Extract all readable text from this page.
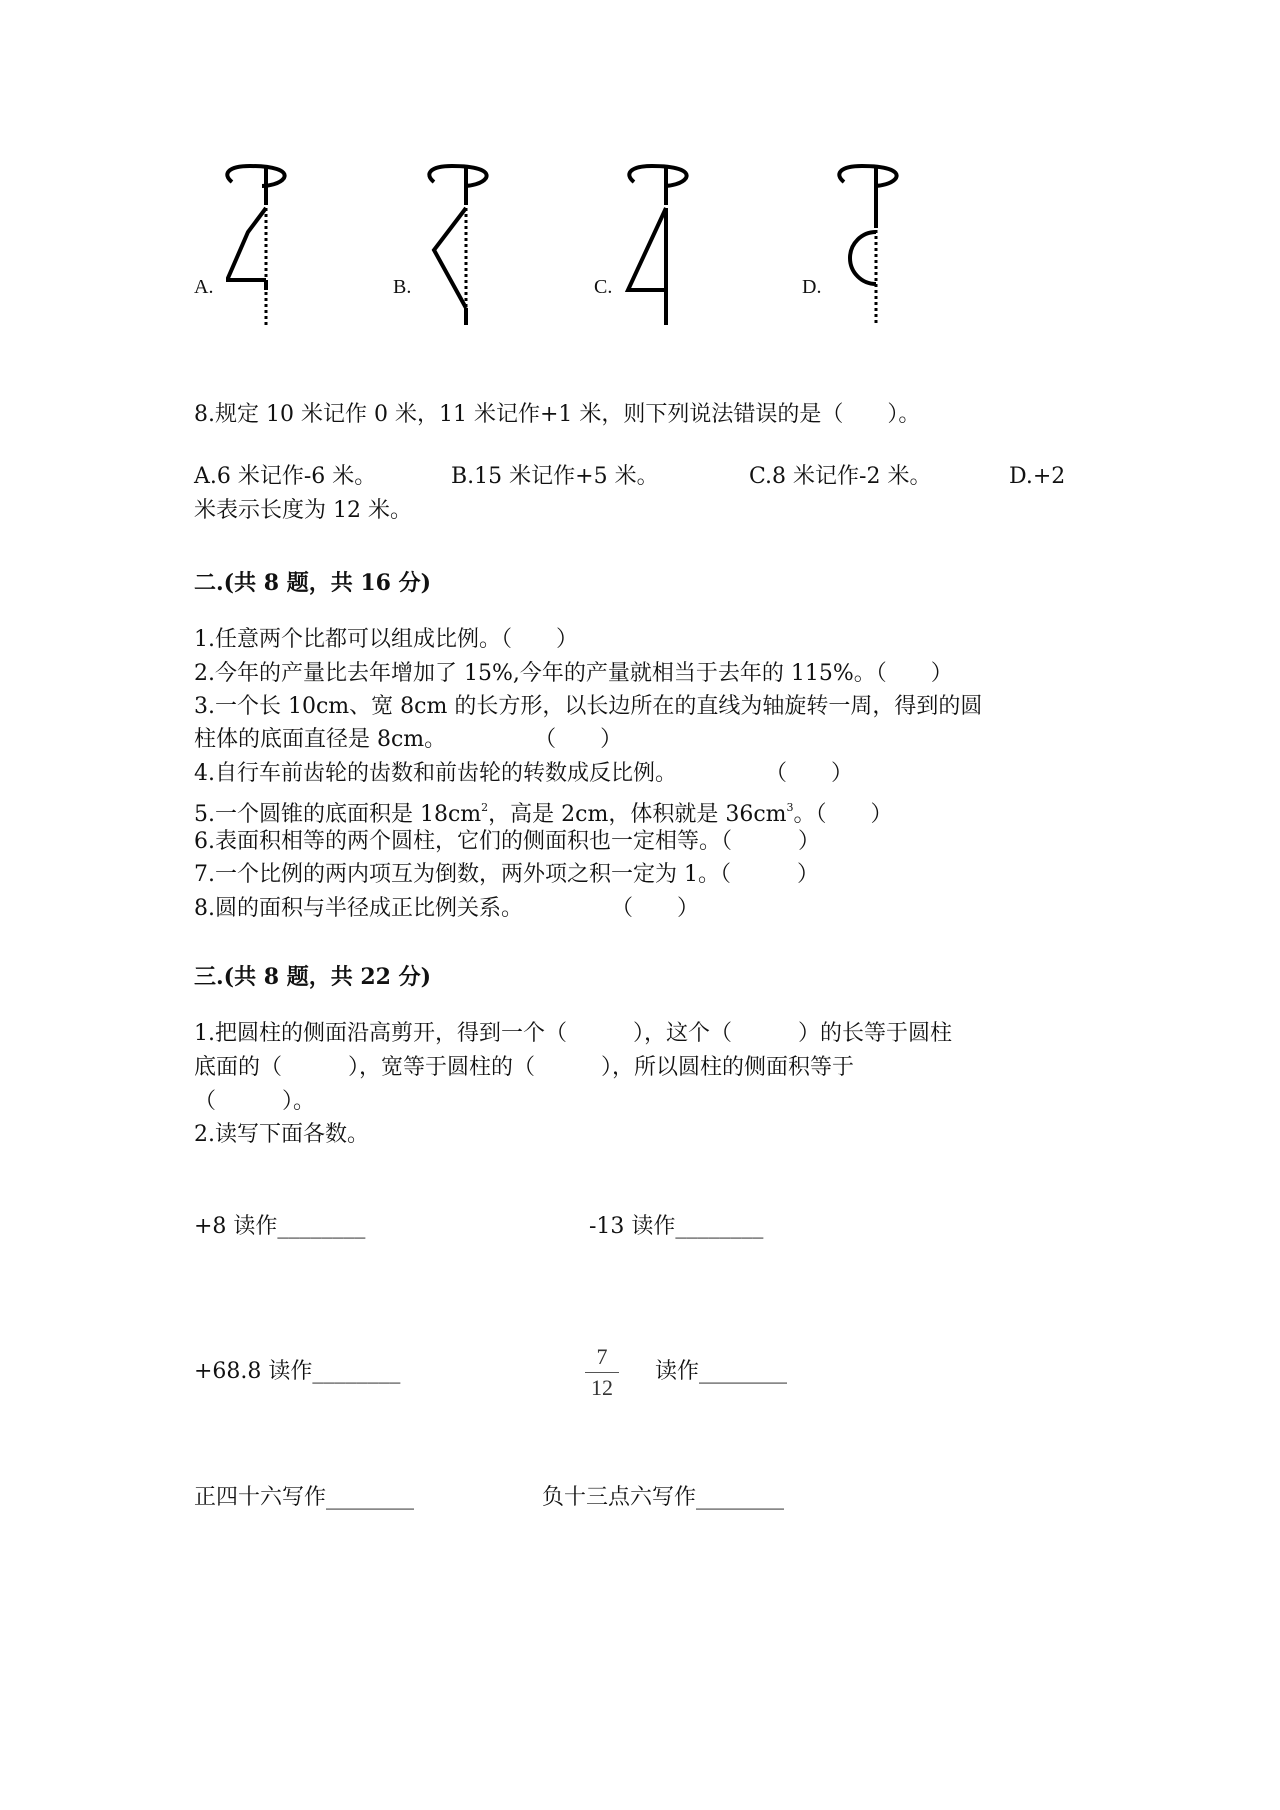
A.	B.	C.	D.
8.规定 10 米记作 0 米，11 米记作+1 米，则下列说法错误的是（　　）。
A.6 米记作-6 米。	B.15 米记作+5 米。	C.8 米记作-2 米。	D.+2
米表示长度为 12 米。
二.(共 8 题，共 16 分)
1.任意两个比都可以组成比例。（　　）
2.今年的产量比去年增加了 15%,今年的产量就相当于去年的 115%。（　　）
3.一个长 10cm、宽 8cm 的长方形，以长边所在的直线为轴旋转一周，得到的圆
柱体的底面直径是 8cm。　　　　　（　　）
4.自行车前齿轮的齿数和前齿轮的转数成反比例。　　　　　（　　）
5.一个圆锥的底面积是 $18cm^2$，高是 2cm，体积就是 $36cm^3$。（　　）
6.表面积相等的两个圆柱，它们的侧面积也一定相等。（　　　）
7.一个比例的两内项互为倒数，两外项之积一定为 1。（　　　）
8.圆的面积与半径成正比例关系。　　　　　（　　）
三.(共 8 题，共 22 分)
1.把圆柱的侧面沿高剪开，得到一个（　　　），这个（　　　）的长等于圆柱
底面的（　　　），宽等于圆柱的（　　　），所以圆柱的侧面积等于
（　　　）。
2.读写下面各数。
+8 读作________	-13 读作________
+68.8 读作________
7
12
读作________
正四十六写作________	负十三点六写作________
